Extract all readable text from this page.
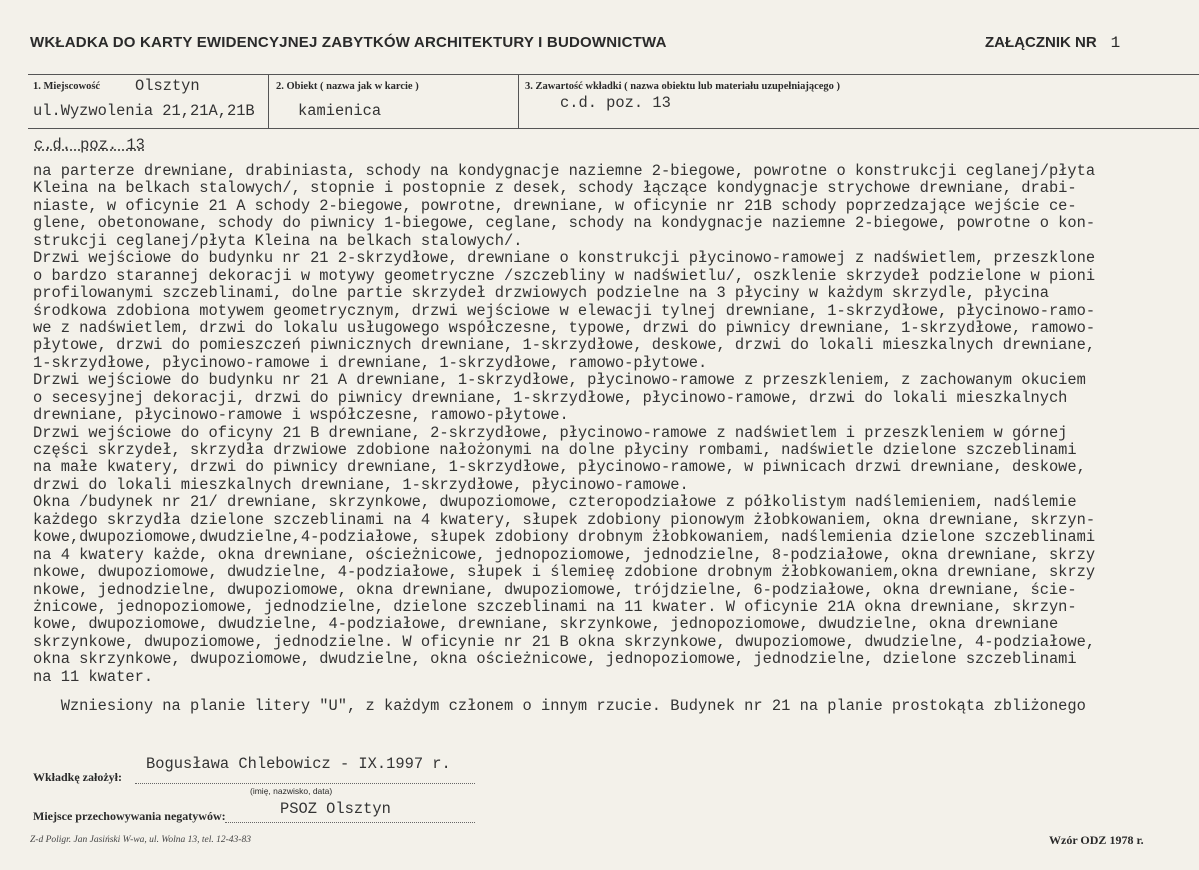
WKŁADKA DO KARTY EWIDENCYJNEJ ZABYTKÓW ARCHITEKTURY I BUDOWNICTWA	ZAŁĄCZNIK NR 1
1. Miejscowość Olsztyn
ul.Wyzwolenia 21,21A,21B
2. Obiekt ( nazwa jak w karcie )
kamienica
3. Zawartość wkładki ( nazwa obiektu lub materiału uzupełniającego )
c.d. poz. 13
c.d. poz. 13
na parterze drewniane, drabiniasta, schody na kondygnacje naziemne 2-biegowe, powrotne o konstrukcji ceglanej/płyta
Kleina na belkach stalowych/, stopnie i postopnie z desek, schody łączące kondygnacje strychowe drewniane, drabi-
niaste, w oficynie 21 A schody 2-biegowe, powrotne, drewniane, w oficynie nr 21B schody poprzedzające wejście ce-
glene, obetonowane, schody do piwnicy 1-biegowe, ceglane, schody na kondygnacje naziemne 2-biegowe, powrotne o kon-
strukcji ceglanej/płyta Kleina na belkach stalowych/.
Drzwi wejściowe do budynku nr 21 2-skrzydłowe, drewniane o konstrukcji płycinowo-ramowej z nadświetlem, przeszklone
o bardzo starannej dekoracji w motywy geometryczne /szczebliny w nadświetlu/, oszklenie skrzydeł podzielone w pioni
profilowanymi szczeblinami, dolne partie skrzydeł drzwiowych podzielne na 3 płyciny w każdym skrzydle, płycina
środkowa zdobiona motywem geometrycznym, drzwi wejściowe w elewacji tylnej drewniane, 1-skrzydłowe, płycinowo-ramo-
we z nadświetlem, drzwi do lokalu usługowego współczesne, typowe, drzwi do piwnicy drewniane, 1-skrzydłowe, ramowo-
płytowe, drzwi do pomieszczeń piwnicznych drewniane, 1-skrzydłowe, deskowe, drzwi do lokali mieszkalnych drewniane,
1-skrzydłowe, płycinowo-ramowe i drewniane, 1-skrzydłowe, ramowo-płytowe.
Drzwi wejściowe do budynku nr 21 A drewniane, 1-skrzydłowe, płycinowo-ramowe z przeszkleniem, z zachowanym okuciem
o secesyjnej dekoracji, drzwi do piwnicy drewniane, 1-skrzydłowe, płycinowo-ramowe, drzwi do lokali mieszkalnych
drewniane, płycinowo-ramowe i współczesne, ramowo-płytowe.
Drzwi wejściowe do oficyny 21 B drewniane, 2-skrzydłowe, płycinowo-ramowe z nadświetlem i przeszkleniem w górnej
części skrzydeł, skrzydła drzwiowe zdobione nałożonymi na dolne płyciny rombami, nadświetle dzielone szczeblinami
na małe kwatery, drzwi do piwnicy drewniane, 1-skrzydłowe, płycinowo-ramowe, w piwnicach drzwi drewniane, deskowe,
drzwi do lokali mieszkalnych drewniane, 1-skrzydłowe, płycinowo-ramowe.
Okna /budynek nr 21/ drewniane, skrzynkowe, dwupoziomowe, czteropodziałowe z półkolistym nadślemieniem, nadślemie
każdego skrzydła dzielone szczeblinami na 4 kwatery, słupek zdobiony pionowym żłobkowaniem, okna drewniane, skrzyn-
kowe,dwupoziomowe,dwudzielne,4-podziałowe, słupek zdobiony drobnym żłobkowaniem, nadślemienia dzielone szczeblinami
na 4 kwatery każde, okna drewniane, ościeżnicowe, jednopoziomowe, jednodzielne, 8-podziałowe, okna drewniane, skrzy
nkowe, dwupoziomowe, dwudzielne, 4-podziałowe, słupek i ślemieę zdobione drobnym żłobkowaniem,okna drewniane, skrzy
nkowe, jednodzielne, dwupoziomowe, okna drewniane, dwupoziomowe, trójdzielne, 6-podziałowe, okna drewniane, ście-
żnicowe, jednopoziomowe, jednodzielne, dzielone szczeblinami na 11 kwater. W oficynie 21A okna drewniane, skrzyn-
kowe, dwupoziomowe, dwudzielne, 4-podziałowe, drewniane, skrzynkowe, jednopoziomowe, dwudzielne, okna drewniane
skrzynkowe, dwupoziomowe, jednodzielne. W oficynie nr 21 B okna skrzynkowe, dwupoziomowe, dwudzielne, 4-podziałowe,
okna skrzynkowe, dwupoziomowe, dwudzielne, okna ościeżnicowe, jednopoziomowe, jednodzielne, dzielone szczeblinami
na 11 kwater.
Wzniesiony na planie litery "U", z każdym członem o innym rzucie. Budynek nr 21 na planie prostokąta zbliżonego
Wkładkę założył:
Bogusława Chlebowicz - IX.1997 r.
(imię, nazwisko, data)
Miejsce przechowywania negatywów:	PSOZ Olsztyn
Z-d Poligr. Jan Jasiński W-wa, ul. Wolna 13, tel. 12-43-83	Wzór ODZ 1978 r.
